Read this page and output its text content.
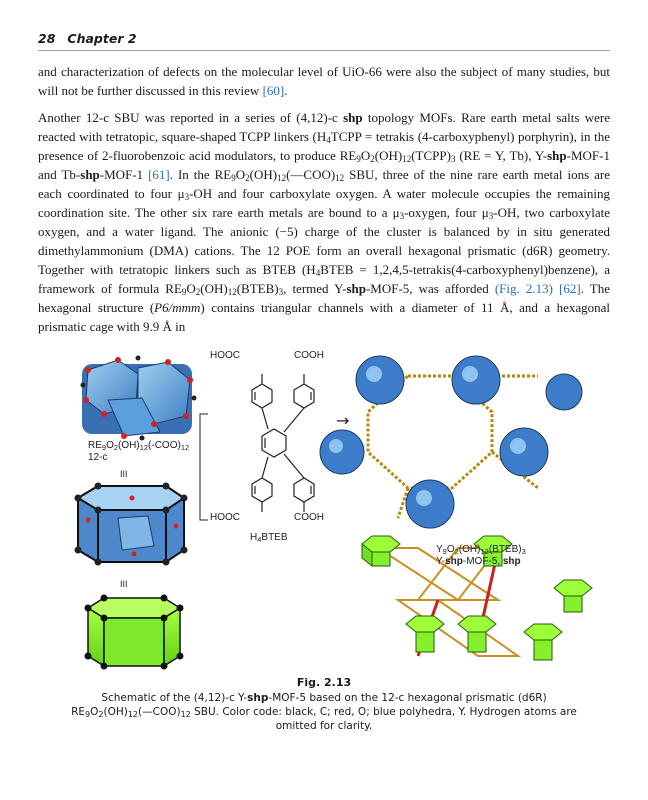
28 Chapter 2

and characterization of defects on the molecular level of UiO-66 were also the subject of many studies, but will not be further discussed in this review [60].

Another 12-c SBU was reported in a series of (4,12)-c shp topology MOFs. Rare earth metal salts were reacted with tetratopic, square-shaped TCPP linkers ($H_4TCPP$ = tetrakis (4-carboxyphenyl) porphyrin), in the presence of 2-fluorobenzoic acid modulators, to produce $RE_9O_2(OH)_{12}(TCPP)_3$ (RE = Y, Tb), Y-shp-MOF-1 and Tb-shp-MOF-1 [61]. In the $RE_9O_2(OH)_{12}(—COO)_{12}$ SBU, three of the nine rare earth metal ions are each coordinated to four $\mu_3-OH$ and four carboxylate oxygen. A water molecule occupies the remaining coordination site. The other six rare earth metals are bound to a $\mu_3$-oxygen, four $\mu_3-OH$, two carboxylate oxygen, and a water ligand. The anionic (−5) charge of the cluster is balanced by in situ generated dimethylammonium (DMA) cations. The 12 POE form an overall hexagonal prismatic (d6R) geometry. Together with tetratopic linkers such as BTEB ($H_4BTEB$ = 1,2,4,5-tetrakis(4-carboxyphenyl)benzene), a framework of formula $RE_9O_2(OH)_{12}(BTEB)_3$, termed Y-shp-MOF-5, was afforded (Fig. 2.13) [62]. The hexagonal structure (P6/mmm) contains triangular channels with a diameter of 11 Å, and a hexagonal prismatic cage with 9.9 Å in

→
HOOC	COOH
HOOC	COOH
$H_4BTEB$
$RE_9O_2(OH)_{12}(-COO)_{12}$
12-c
III
III
$Y_9O_2(OH)_{12}(BTEB)_3$
Y-shp-MOF-5, shp
Fig. 2.13
Schematic of the (4,12)-c Y-shp-MOF-5 based on the 12-c hexagonal prismatic (d6R)
$RE_9O_2(OH)_{12}(—COO)_{12}$ SBU. Color code: black, C; red, O; blue polyhedra, Y. Hydrogen atoms are omitted for clarity.
